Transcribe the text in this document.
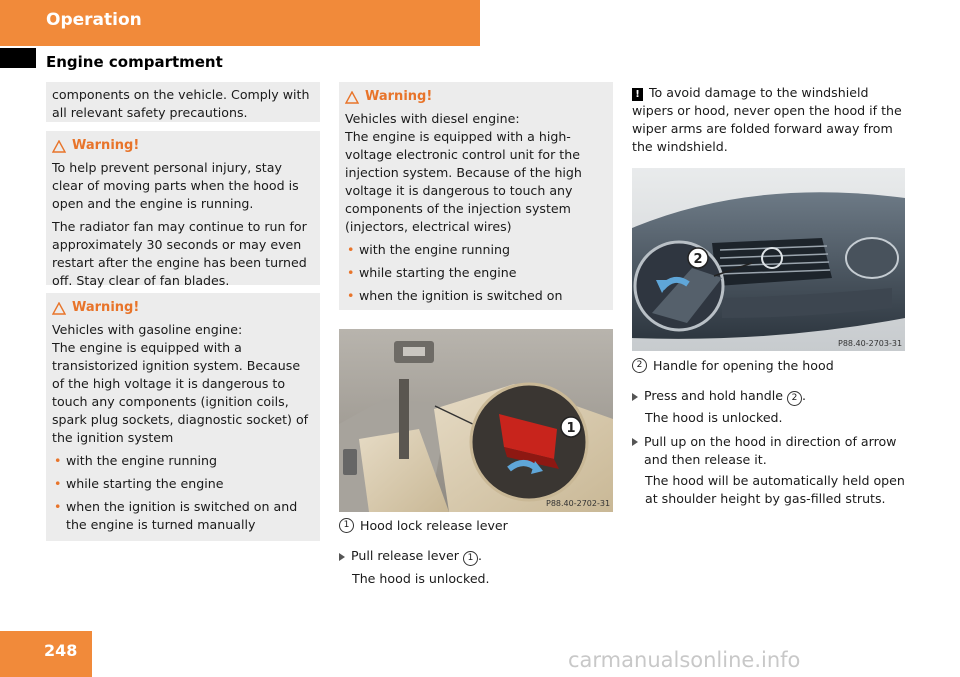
Operation
Engine compartment

components on the vehicle. Comply with all relevant safety precautions.

Warning!

To help prevent personal injury, stay clear of moving parts when the hood is open and the engine is running.

The radiator fan may continue to run for approximately 30 seconds or may even restart after the engine has been turned off. Stay clear of fan blades.

Warning!

Vehicles with gasoline engine:

The engine is equipped with a transistorized ignition system. Because of the high voltage it is dangerous to touch any components (ignition coils, spark plug sockets, diagnostic socket) of the ignition system

• with the engine running
• while starting the engine
• when the ignition is switched on and the engine is turned manually
Warning!

Vehicles with diesel engine:

The engine is equipped with a high-voltage electronic control unit for the injection system. Because of the high voltage it is dangerous to touch any components of the injection system (injectors, electrical wires)

• with the engine running
• while starting the engine
• when the ignition is switched on
1
P88.40-2702-31
1 Hood lock release lever
Pull release lever 1 .
The hood is unlocked.
! To avoid damage to the windshield wipers or hood, never open the hood if the wiper arms are folded forward away from the windshield.
2
P88.40-2703-31
2 Handle for opening the hood
Press and hold handle 2 .
The hood is unlocked.
Pull up on the hood in direction of arrow and then release it.
The hood will be automatically held open at shoulder height by gas-filled struts.
248	carmanualsonline.info
